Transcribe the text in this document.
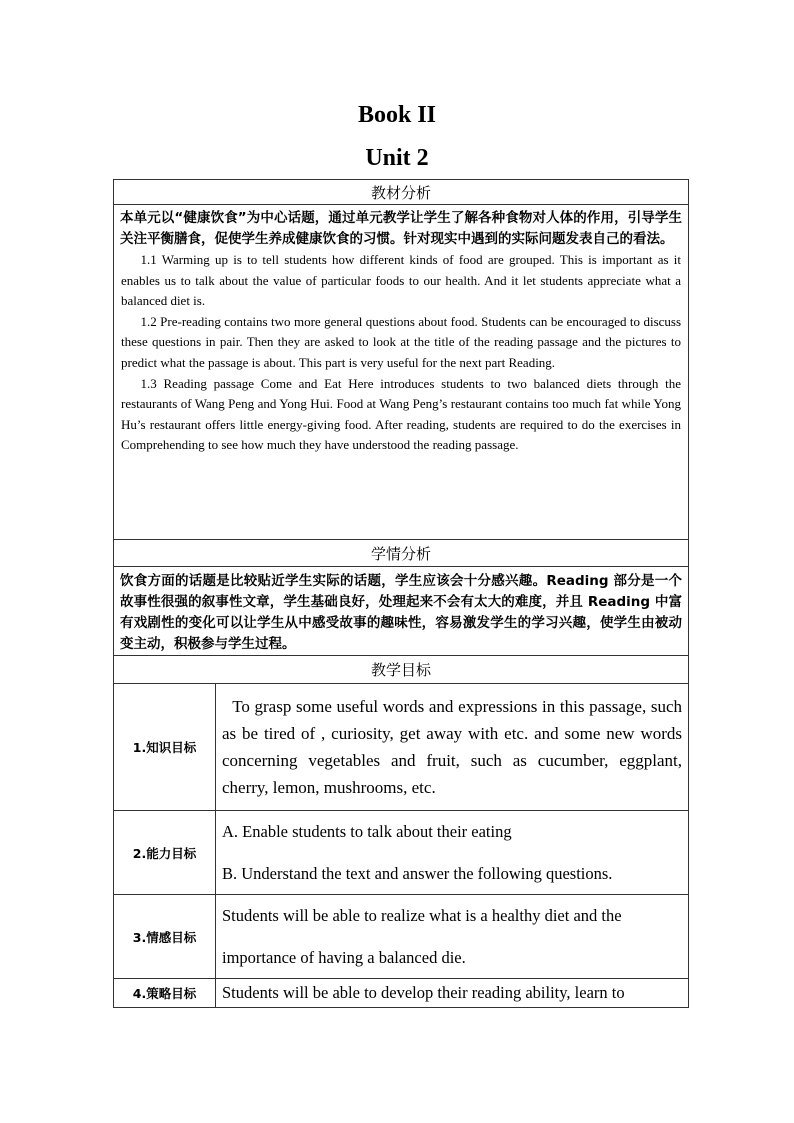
Book II
Unit 2
教材分析	

本单元以“健康饮食”为中心话题，通过单元教学让学生了解各种食物对人体的作用，引导学生关注平衡膳食，促使学生养成健康饮食的习惯。针对现实中遇到的实际问题发表自己的看法。

1.1 Warming up is to tell students how different kinds of food are grouped. This is important as it enables us to talk about the value of particular foods to our health. And it let students appreciate what a balanced diet is.

1.2 Pre-reading contains two more general questions about food. Students can be encouraged to discuss these questions in pair. Then they are asked to look at the title of the reading passage and the pictures to predict what the passage is about. This part is very useful for the next part Reading.

1.3 Reading passage Come and Eat Here introduces students to two balanced diets through the restaurants of Wang Peng and Yong Hui. Food at Wang Peng’s restaurant contains too much fat while Yong Hu’s restaurant offers little energy-giving food. After reading, students are required to do the exercises in Comprehending to see how much they have understood the reading passage.	

学情分析	

饮食方面的话题是比较贴近学生实际的话题，学生应该会十分感兴趣。Reading 部分是一个故事性很强的叙事性文章，学生基础良好，处理起来不会有太大的难度，并且 Reading 中富有戏剧性的变化可以让学生从中感受故事的趣味性，容易激发学生的学习兴趣，使学生由被动变主动，积极参与学生过程。	

教学目标	
1.知识目标	To grasp some useful words and expressions in this passage, such as be tired of , curiosity, get away with etc. and some new words concerning vegetables and fruit, such as cucumber, eggplant, cherry, lemon, mushrooms, etc.

2.能力目标	A. Enable students to talk about their eating

B. Understand the text and answer the following questions.

3.情感目标	Students will be able to realize what is a healthy diet and the

importance of having a balanced die.

4.策略目标	Students will be able to develop their reading ability, learn to
